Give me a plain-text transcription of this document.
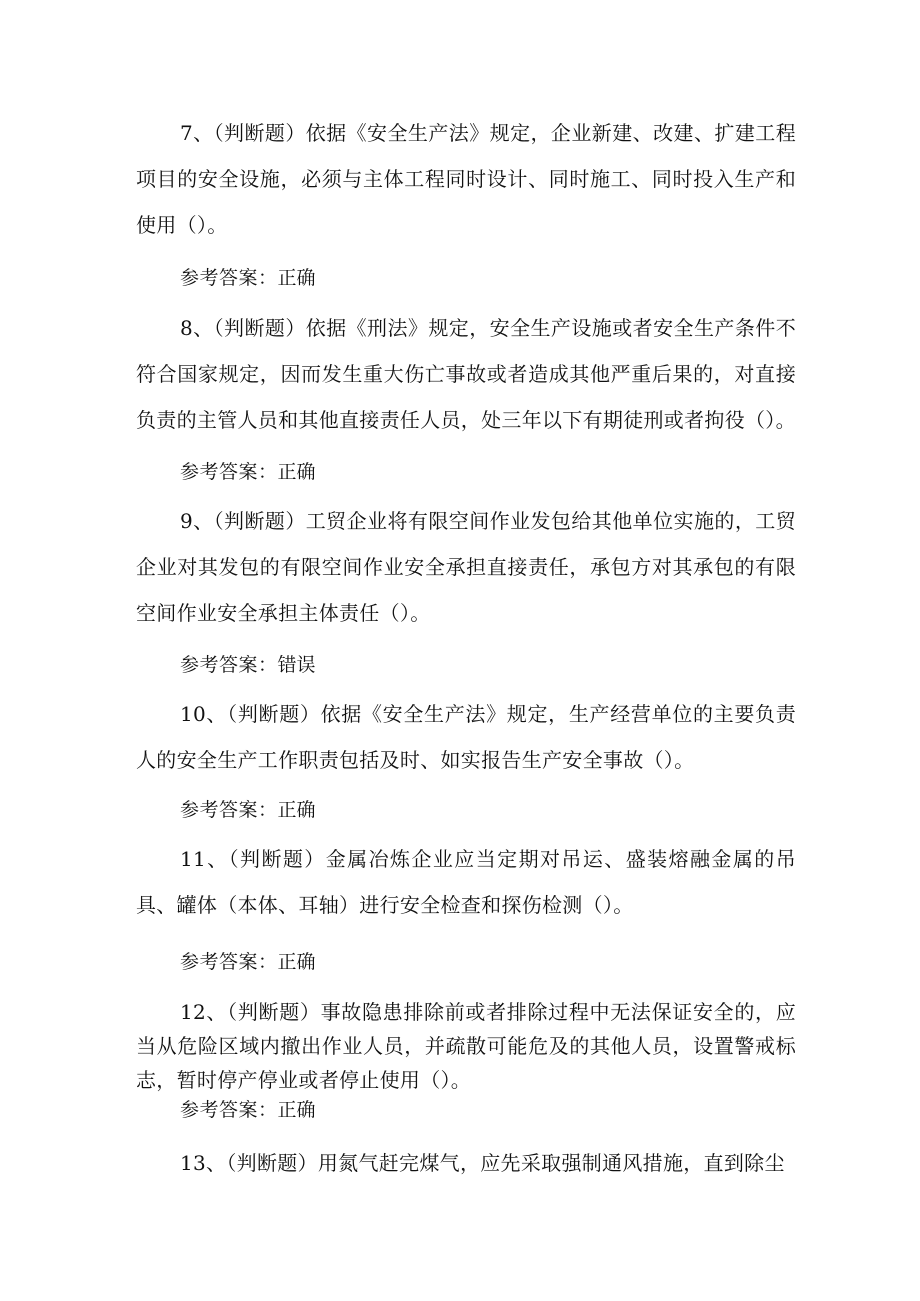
7、（判断题）依据《安全生产法》规定，企业新建、改建、扩建工程项目的安全设施，必须与主体工程同时设计、同时施工、同时投入生产和使用（）。

参考答案：正确

8、（判断题）依据《刑法》规定，安全生产设施或者安全生产条件不符合国家规定，因而发生重大伤亡事故或者造成其他严重后果的，对直接负责的主管人员和其他直接责任人员，处三年以下有期徒刑或者拘役（）。

参考答案：正确

9、（判断题）工贸企业将有限空间作业发包给其他单位实施的，工贸企业对其发包的有限空间作业安全承担直接责任，承包方对其承包的有限空间作业安全承担主体责任（）。

参考答案：错误

10、（判断题）依据《安全生产法》规定，生产经营单位的主要负责人的安全生产工作职责包括及时、如实报告生产安全事故（）。

参考答案：正确

11、（判断题）金属冶炼企业应当定期对吊运、盛装熔融金属的吊具、罐体（本体、耳轴）进行安全检查和探伤检测（）。

参考答案：正确

12、（判断题）事故隐患排除前或者排除过程中无法保证安全的，应当从危险区域内撤出作业人员，并疏散可能危及的其他人员，设置警戒标志，暂时停产停业或者停止使用（）。

参考答案：正确

13、（判断题）用氮气赶完煤气，应先采取强制通风措施，直到除尘
